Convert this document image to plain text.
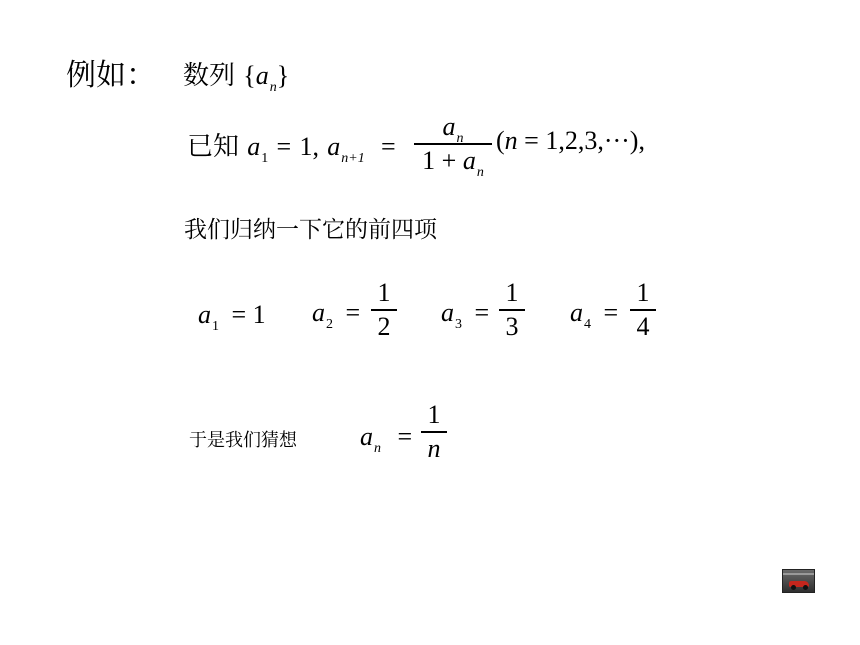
例如： 数列 $\{a_n\}$
已知 $a_1 = 1$, $a_{n+1}$ =
$a_n$
$1 + a_n$
(n = 1,2,3,···),
我们归纳一下它的前四项
$a_1 = 1$ $a_2$ =
1
2 $a_3$ =
1
3 $a_4$ =
1
4
于是我们猜想 $a_n$ =
1
n
